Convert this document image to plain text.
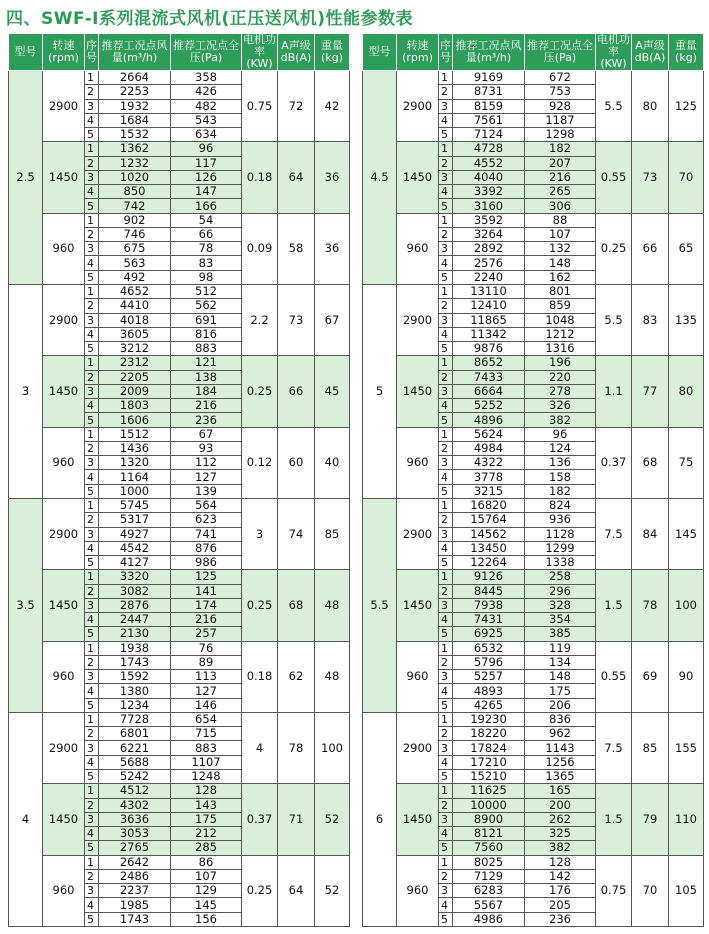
四、SWF-Ⅰ系列混流式风机(正压送风机)性能参数表
型号	转速(rpm)	序号	推荐工况点风量(m³/h)	推荐工况点全压(Pa)	电机功率(KW)	A声级dB(A)	重量(kg)
2.5	2900	1	2664	358	0.75	72	42
		2	2253	426			
		3	1932	482			
		4	1684	543			
		5	1532	634			
	1450	1	1362	96	0.18	64	36
		2	1232	117			
		3	1020	126			
		4	850	147			
		5	742	166			
	960	1	902	54	0.09	58	36
		2	746	66			
		3	675	78			
		4	563	83			
		5	492	98			
3	2900	1	4652	512	2.2	73	67
		2	4410	562			
		3	4018	691			
		4	3605	816			
		5	3212	883			
	1450	1	2312	121	0.25	66	45
		2	2205	138			
		3	2009	184			
		4	1803	216			
		5	1606	236			
	960	1	1512	67	0.12	60	40
		2	1436	93			
		3	1320	112			
		4	1164	127			
		5	1000	139			
3.5	2900	1	5745	564	3	74	85
		2	5317	623			
		3	4927	741			
		4	4542	876			
		5	4127	986			
	1450	1	3320	125	0.25	68	48
		2	3082	141			
		3	2876	174			
		4	2447	216			
		5	2130	257			
	960	1	1938	76	0.18	62	48
		2	1743	89			
		3	1592	113			
		4	1380	127			
		5	1234	146			
4	2900	1	7728	654	4	78	100
		2	6801	715			
		3	6221	883			
		4	5688	1107			
		5	5242	1248			
	1450	1	4512	128	0.37	71	52
		2	4302	143			
		3	3636	175			
		4	3053	212			
		5	2765	285			
	960	1	2642	86	0.25	64	52
		2	2486	107			
		3	2237	129			
		4	1985	145			
		5	1743	156			
型号	转速(rpm)	序号	推荐工况点风量(m³/h)	推荐工况点全压(Pa)	电机功率(KW)	A声级dB(A)	重量(kg)
4.5	2900	1	9169	672	5.5	80	125
		2	8731	753			
		3	8159	928			
		4	7561	1187			
		5	7124	1298			
	1450	1	4728	182	0.55	73	70
		2	4552	207			
		3	4040	216			
		4	3392	265			
		5	3160	306			
	960	1	3592	88	0.25	66	65
		2	3264	107			
		3	2892	132			
		4	2576	148			
		5	2240	162			
5	2900	1	13110	801	5.5	83	135
		2	12410	859			
		3	11865	1048			
		4	11342	1212			
		5	9876	1316			
	1450	1	8652	196	1.1	77	80
		2	7433	220			
		3	6664	278			
		4	5252	326			
		5	4896	382			
	960	1	5624	96	0.37	68	75
		2	4984	124			
		3	4322	136			
		4	3778	158			
		5	3215	182			
5.5	2900	1	16820	824	7.5	84	145
		2	15764	936			
		3	14562	1128			
		4	13450	1299			
		5	12264	1338			
	1450	1	9126	258	1.5	78	100
		2	8445	296			
		3	7938	328			
		4	7431	354			
		5	6925	385			
	960	1	6532	119	0.55	69	90
		2	5796	134			
		3	5257	148			
		4	4893	175			
		5	4265	206			
6	2900	1	19230	836	7.5	85	155
		2	18220	962			
		3	17824	1143			
		4	17210	1256			
		5	15210	1365			
	1450	1	11625	165	1.5	79	110
		2	10000	200			
		3	8900	262			
		4	8121	325			
		5	7560	382			
	960	1	8025	128	0.75	70	105
		2	7129	142			
		3	6283	176			
		4	5567	205			
		5	4986	236			
